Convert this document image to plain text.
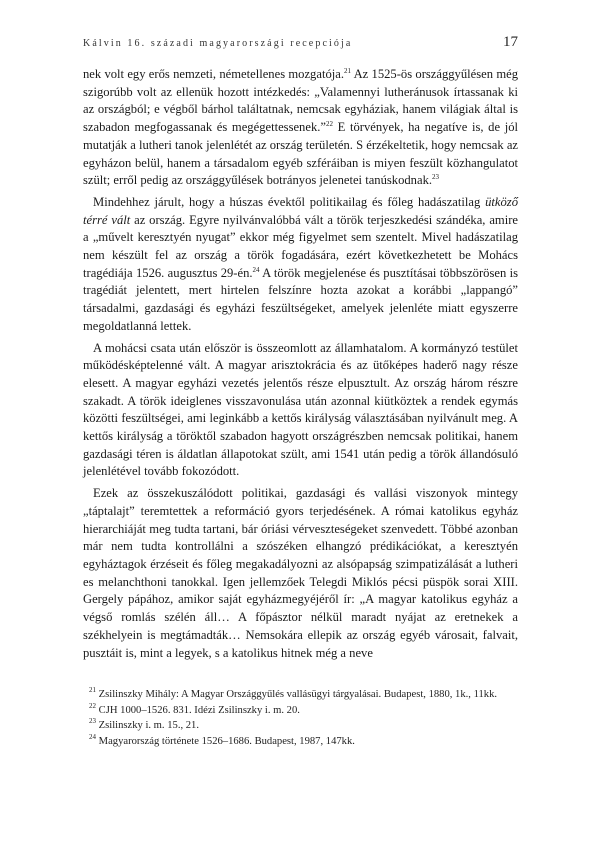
Kálvin 16. századi magyarországi recepciója	17

nek volt egy erős nemzeti, németellenes mozgatója.$^{21}$ Az 1525-ös országgyűlésen még szigorúbb volt az ellenük hozott intézkedés: „Valamennyi lutheránusok írtassanak ki az országból; e végből bárhol találtatnak, nemcsak egyháziak, hanem világiak által is szabadon megfogassanak és megégettessenek.”$^{22}$ E törvények, ha negatíve is, de jól mutatják a lutheri tanok jelenlétét az ország területén. S érzékeltetik, hogy nemcsak az egyházon belül, hanem a társadalom egyéb szféráiban is miyen feszült közhangulatot szült; erről pedig az országgyűlések botrányos jelenetei tanúskodnak.$^{23}$

Mindehhez járult, hogy a húszas évektől politikailag és főleg hadászatilag ütköző térré vált az ország. Egyre nyilvánvalóbbá vált a török terjeszkedési szándéka, amire a „művelt keresztyén nyugat” ekkor még figyelmet sem szentelt. Mivel hadászatilag nem készült fel az ország a török fogadására, ezért következhetett be Mohács tragédiája 1526. augusztus 29-én.$^{24}$ A török megjelenése és pusztításai többszörösen is tragédiát jelentett, mert hirtelen felszínre hozta azokat a korábbi „lappangó” társadalmi, gazdasági és egyházi feszültségeket, amelyek jelenléte miatt egyszerre megoldatlanná lettek.

A mohácsi csata után először is összeomlott az államhatalom. A kormányzó testület működésképtelenné vált. A magyar arisztokrácia és az ütőképes haderő nagy része elesett. A magyar egyházi vezetés jelentős része elpusztult. Az ország három részre szakadt. A török ideiglenes visszavonulása után azonnal kiütköztek a rendek egymás közötti feszültségei, ami leginkább a kettős királyság választásában nyilvánult meg. A kettős királyság a töröktől szabadon hagyott országrészben nemcsak politikai, hanem gazdasági téren is áldatlan állapotokat szült, ami 1541 után pedig a török állandósuló jelenlétével tovább fokozódott.

Ezek az összekuszálódott politikai, gazdasági és vallási viszonyok mintegy „táptalajt” teremtettek a reformáció gyors terjedésének. A római katolikus egyház hierarchiáját meg tudta tartani, bár óriási vérveszteségeket szenvedett. Többé azonban már nem tudta kontrollálni a szószéken elhangzó prédikációkat, a keresztyén egyháztagok érzéseit és főleg megakadályozni az alsópapság szimpatizálását a lutheri es melanchthoni tanokkal. Igen jellemzőek Telegdi Miklós pécsi püspök sorai XIII. Gergely pápához, amikor saját egyházmegyéjéről ír: „A magyar katolikus egyház a végső romlás szélén áll… A főpásztor nélkül maradt nyájat az eretnekek a székhelyein is megtámadták… Nemsokára ellepik az ország egyéb városait, falvait, pusztáit is, mint a legyek, s a katolikus hitnek még a neve

$^{21}$ Zsilinszky Mihály: A Magyar Országgyűlés vallásügyi tárgyalásai. Budapest, 1880, 1k., 11kk.

$^{22}$ CJH 1000–1526. 831. Idézi Zsilinszky i. m. 20.

$^{23}$ Zsilinszky i. m. 15., 21.

$^{24}$ Magyarország története 1526–1686. Budapest, 1987, 147kk.
